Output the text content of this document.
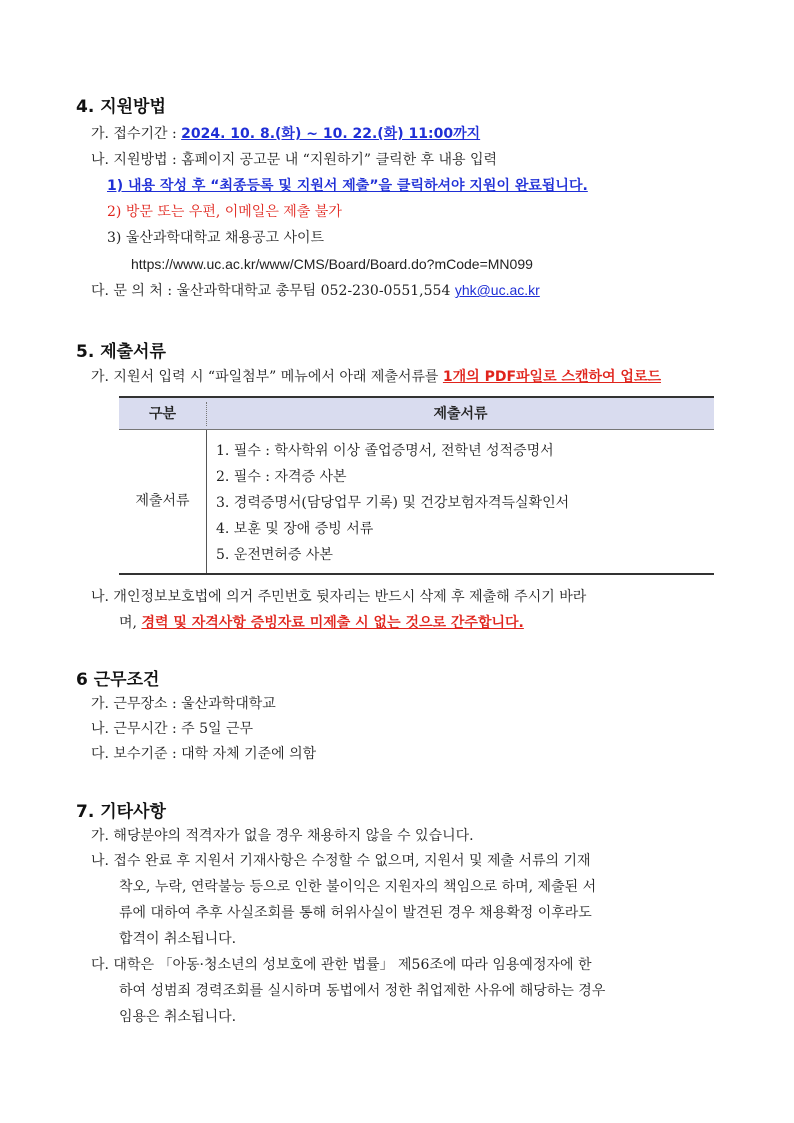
4. 지원방법
가. 접수기간 : 2024. 10. 8.(화) ~ 10. 22.(화) 11:00까지
나. 지원방법 : 홈페이지 공고문 내 “지원하기” 클릭한 후 내용 입력
1) 내용 작성 후 “최종등록 및 지원서 제출”을 클릭하셔야 지원이 완료됩니다.
2) 방문 또는 우편, 이메일은 제출 불가
3) 울산과학대학교 채용공고 사이트
https://www.uc.ac.kr/www/CMS/Board/Board.do?mCode=MN099
다. 문 의 처 : 울산과학대학교 총무팀 052-230-0551,554 yhk@uc.ac.kr
5. 제출서류
가. 지원서 입력 시 “파일첨부” 메뉴에서 아래 제출서류를 1개의 PDF파일로 스캔하여 업로드
구분	제출서류
제출서류
1. 필수 : 학사학위 이상 졸업증명서, 전학년 성적증명서
2. 필수 : 자격증 사본
3. 경력증명서(담당업무 기록) 및 건강보험자격득실확인서
4. 보훈 및 장애 증빙 서류
5. 운전면허증 사본
나. 개인정보보호법에 의거 주민번호 뒷자리는 반드시 삭제 후 제출해 주시기 바라
며, 경력 및 자격사항 증빙자료 미제출 시 없는 것으로 간주합니다.
6 근무조건
가. 근무장소 : 울산과학대학교
나. 근무시간 : 주 5일 근무
다. 보수기준 : 대학 자체 기준에 의함
7. 기타사항
가. 해당분야의 적격자가 없을 경우 채용하지 않을 수 있습니다.
나. 접수 완료 후 지원서 기재사항은 수정할 수 없으며, 지원서 및 제출 서류의 기재
착오, 누락, 연락불능 등으로 인한 불이익은 지원자의 책임으로 하며, 제출된 서
류에 대하여 추후 사실조회를 통해 허위사실이 발견된 경우 채용확정 이후라도
합격이 취소됩니다.
다. 대학은 「아동·청소년의 성보호에 관한 법률」 제56조에 따라 임용예정자에 한
하여 성범죄 경력조회를 실시하며 동법에서 정한 취업제한 사유에 해당하는 경우
임용은 취소됩니다.
